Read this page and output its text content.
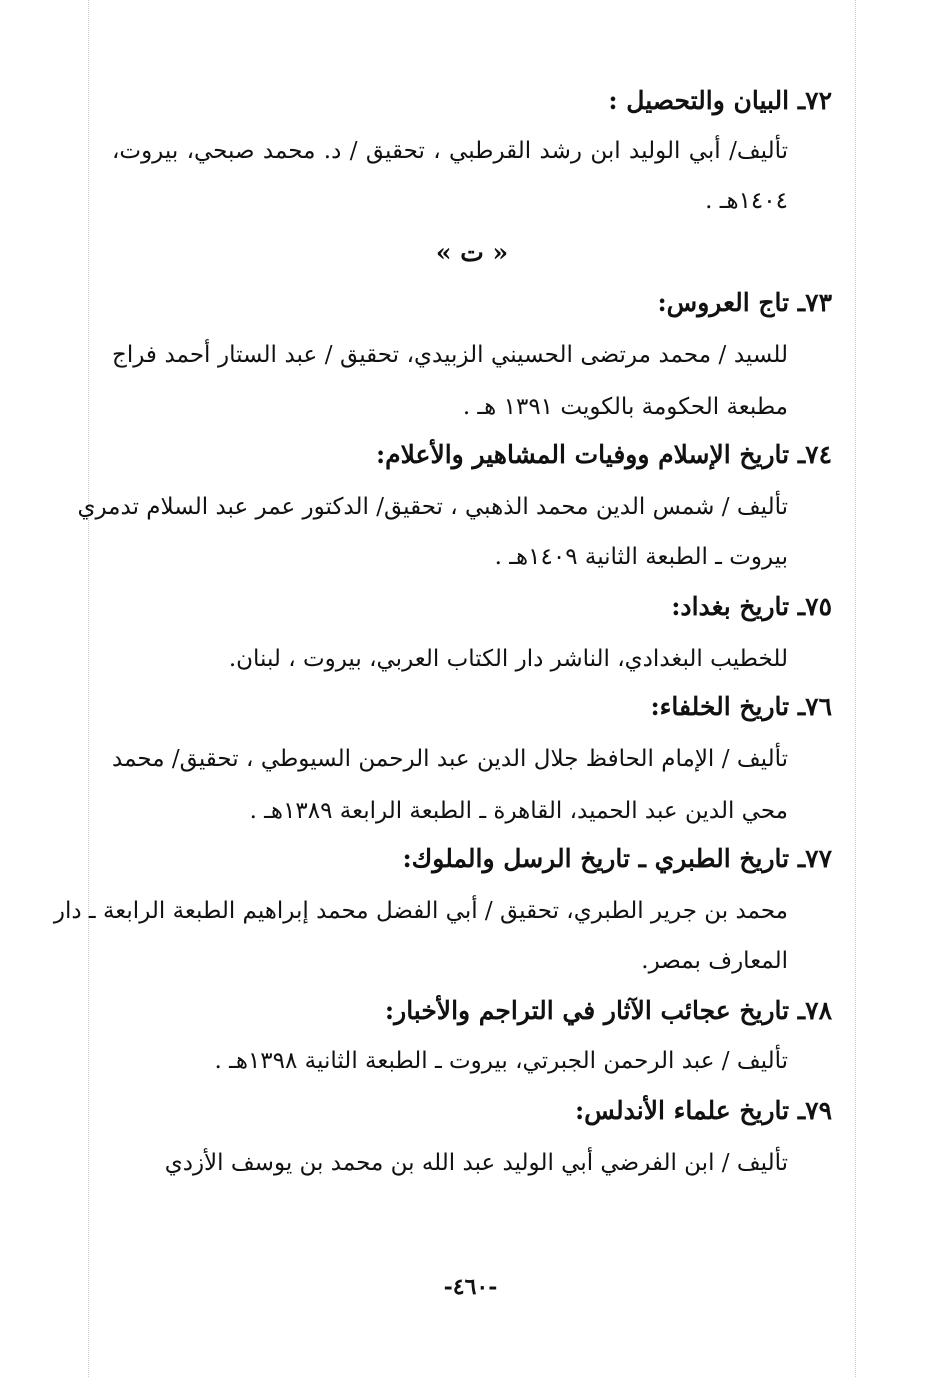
٧٢ـ البيان والتحصيل :
تأليف/ أبي الوليد ابن رشد القرطبي ، تحقيق / د. محمد صبحي، بيروت،
١٤٠٤هـ .
« ت »
٧٣ـ تاج العروس:
للسيد / محمد مرتضى الحسيني الزبيدي، تحقيق / عبد الستار أحمد فراج
مطبعة الحكومة بالكويت ١٣٩١ هـ .
٧٤ـ تاريخ الإسلام ووفيات المشاهير والأعلام:
تأليف / شمس الدين محمد الذهبي ، تحقيق/ الدكتور عمر عبد السلام تدمري
بيروت ـ الطبعة الثانية ١٤٠٩هـ .
٧٥ـ تاريخ بغداد:
للخطيب البغدادي، الناشر دار الكتاب العربي، بيروت ، لبنان.
٧٦ـ تاريخ الخلفاء:
تأليف / الإمام الحافظ جلال الدين عبد الرحمن السيوطي ، تحقيق/ محمد
محي الدين عبد الحميد، القاهرة ـ الطبعة الرابعة ١٣٨٩هـ .
٧٧ـ تاريخ الطبري ـ تاريخ الرسل والملوك:
محمد بن جرير الطبري، تحقيق / أبي الفضل محمد إبراهيم الطبعة الرابعة ـ دار
المعارف بمصر.
٧٨ـ تاريخ عجائب الآثار في التراجم والأخبار:
تأليف / عبد الرحمن الجبرتي، بيروت ـ الطبعة الثانية ١٣٩٨هـ .
٧٩ـ تاريخ علماء الأندلس:
تأليف / ابن الفرضي أبي الوليد عبد الله بن محمد بن يوسف الأزدي
-٤٦٠-
